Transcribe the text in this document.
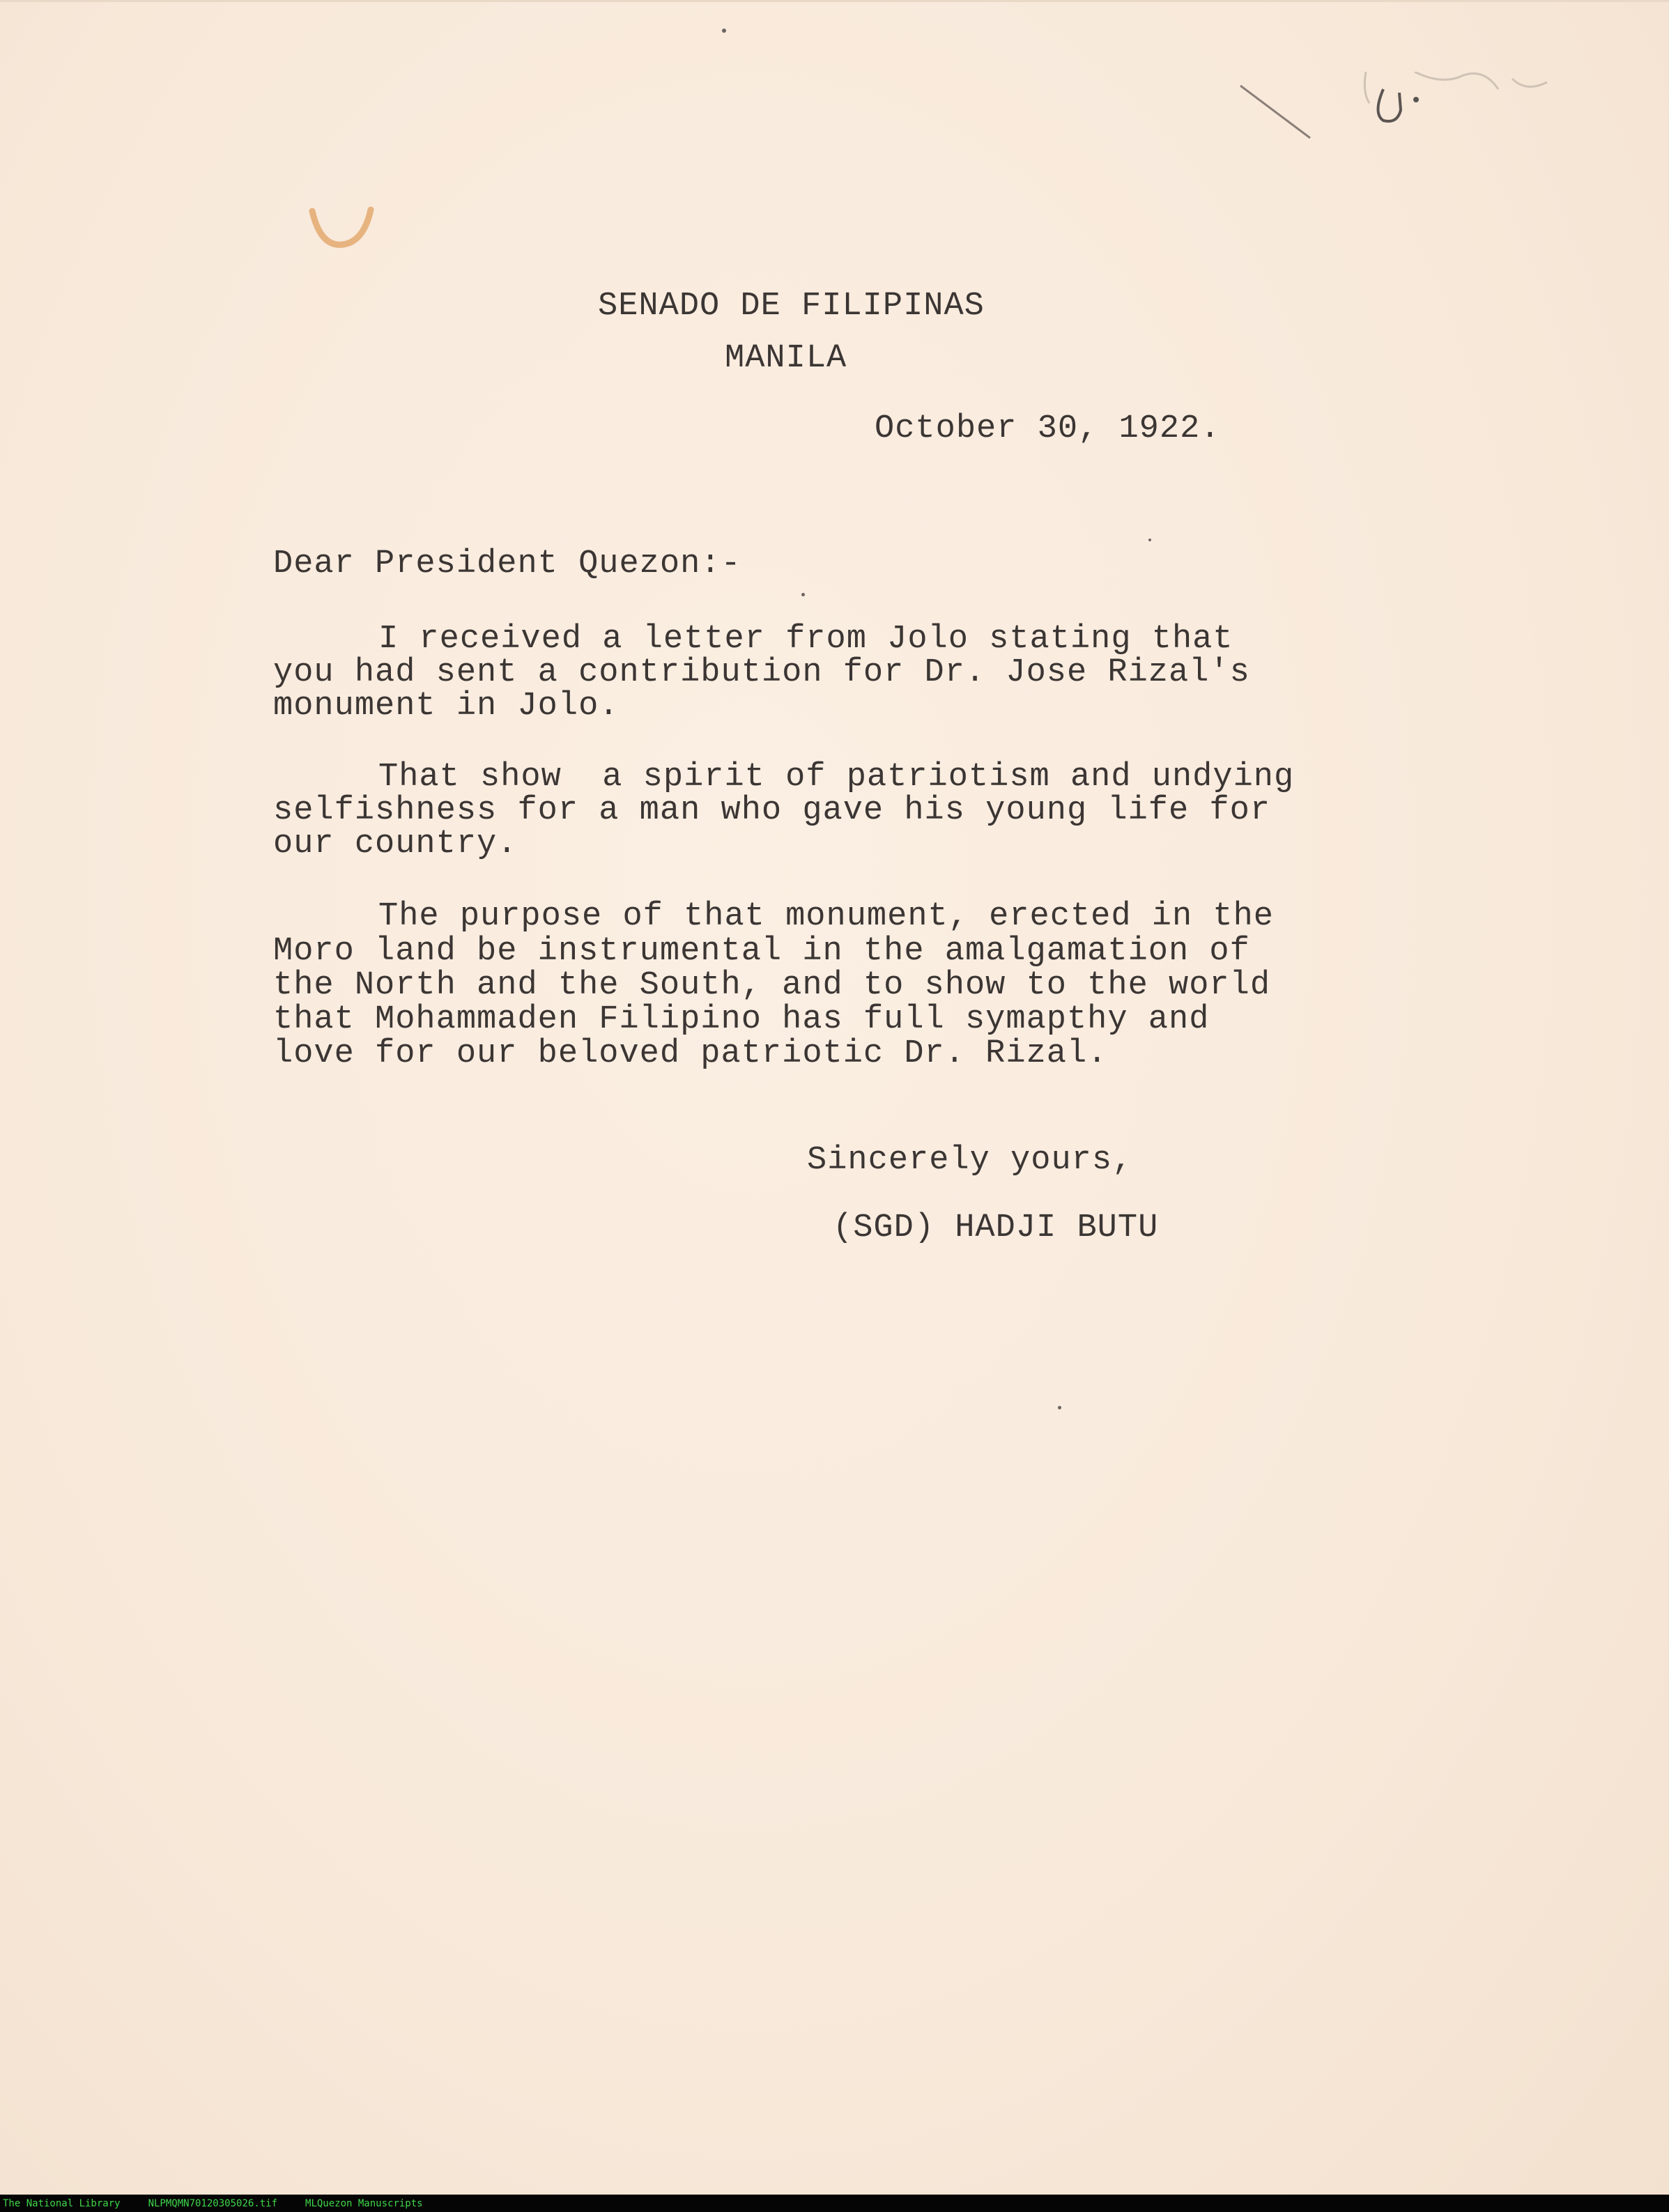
SENADO DE FILIPINAS
MANILA
October 30, 1922.
Dear President Quezon:-
I received a letter from Jolo stating that
you had sent a contribution for Dr. Jose Rizal's
monument in Jolo.
That show  a spirit of patriotism and undying
selfishness for a man who gave his young life for
our country.
The purpose of that monument, erected in the
Moro land be instrumental in the amalgamation of
the North and the South, and to show to the world
that Mohammaden Filipino has full symapthy and
love for our beloved patriotic Dr. Rizal.
Sincerely yours,
(SGD) HADJI BUTU
The National Library	NLPMQMN70120305026.tif	MLQuezon Manuscripts
